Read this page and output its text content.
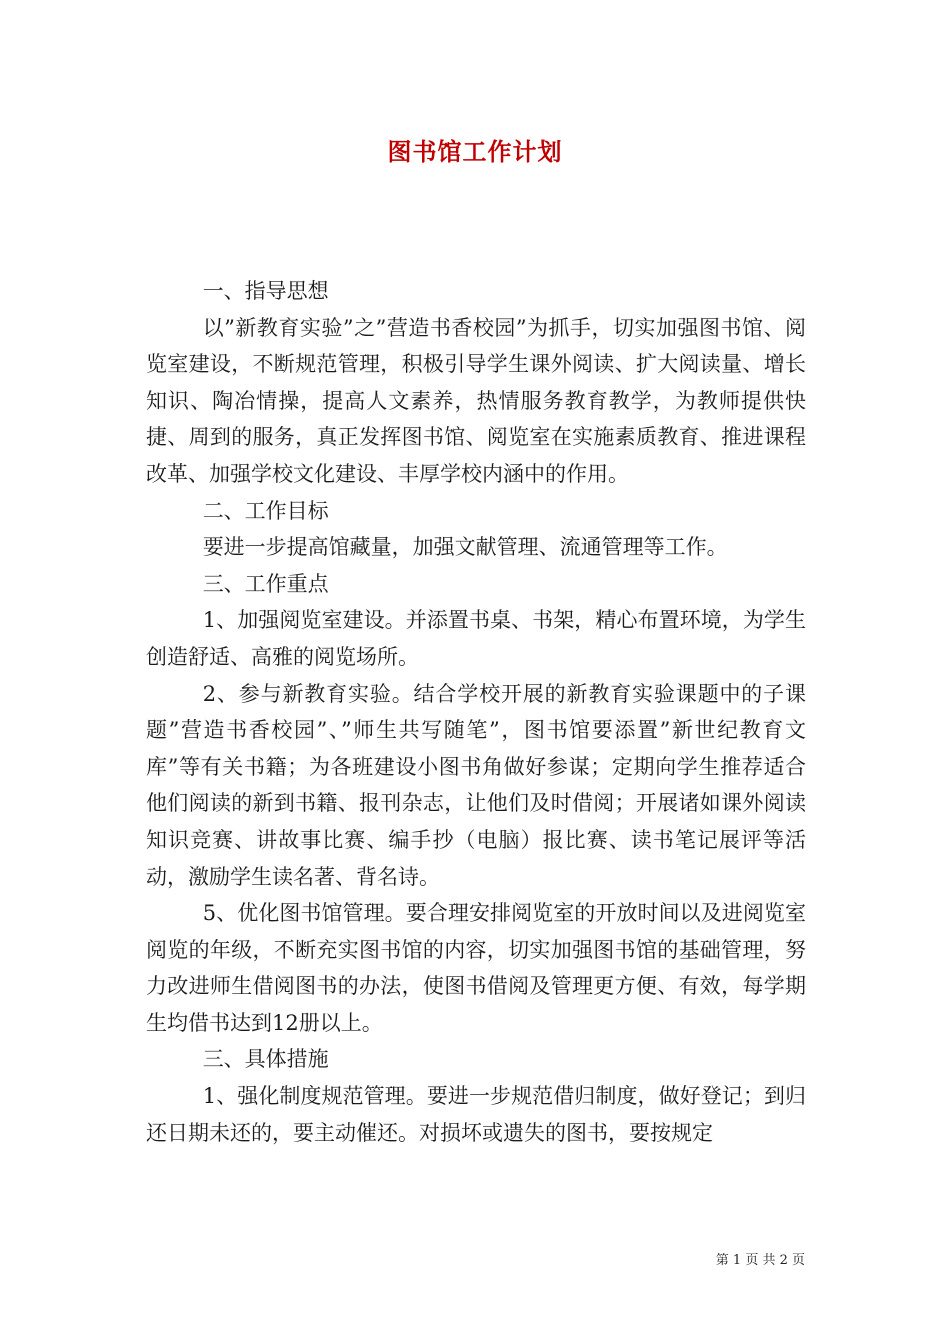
图书馆工作计划

一、指导思想

以”新教育实验”之”营造书香校园”为抓手，切实加强图书馆、阅览室建设，不断规范管理，积极引导学生课外阅读、扩大阅读量、增长知识、陶冶情操，提高人文素养，热情服务教育教学，为教师提供快捷、周到的服务，真正发挥图书馆、阅览室在实施素质教育、推进课程改革、加强学校文化建设、丰厚学校内涵中的作用。

二、工作目标

要进一步提高馆藏量，加强文献管理、流通管理等工作。

三、工作重点

1、加强阅览室建设。并添置书桌、书架，精心布置环境，为学生创造舒适、高雅的阅览场所。

2、参与新教育实验。结合学校开展的新教育实验课题中的子课题”营造书香校园”、”师生共写随笔”，图书馆要添置”新世纪教育文库”等有关书籍；为各班建设小图书角做好参谋；定期向学生推荐适合他们阅读的新到书籍、报刊杂志，让他们及时借阅；开展诸如课外阅读知识竞赛、讲故事比赛、编手抄（电脑）报比赛、读书笔记展评等活动，激励学生读名著、背名诗。

5、优化图书馆管理。要合理安排阅览室的开放时间以及进阅览室阅览的年级，不断充实图书馆的内容，切实加强图书馆的基础管理，努力改进师生借阅图书的办法，使图书借阅及管理更方便、有效，每学期生均借书达到12册以上。

三、具体措施

1、强化制度规范管理。要进一步规范借归制度，做好登记；到归还日期未还的，要主动催还。对损坏或遗失的图书，要按规定

第 1 页 共 2 页
